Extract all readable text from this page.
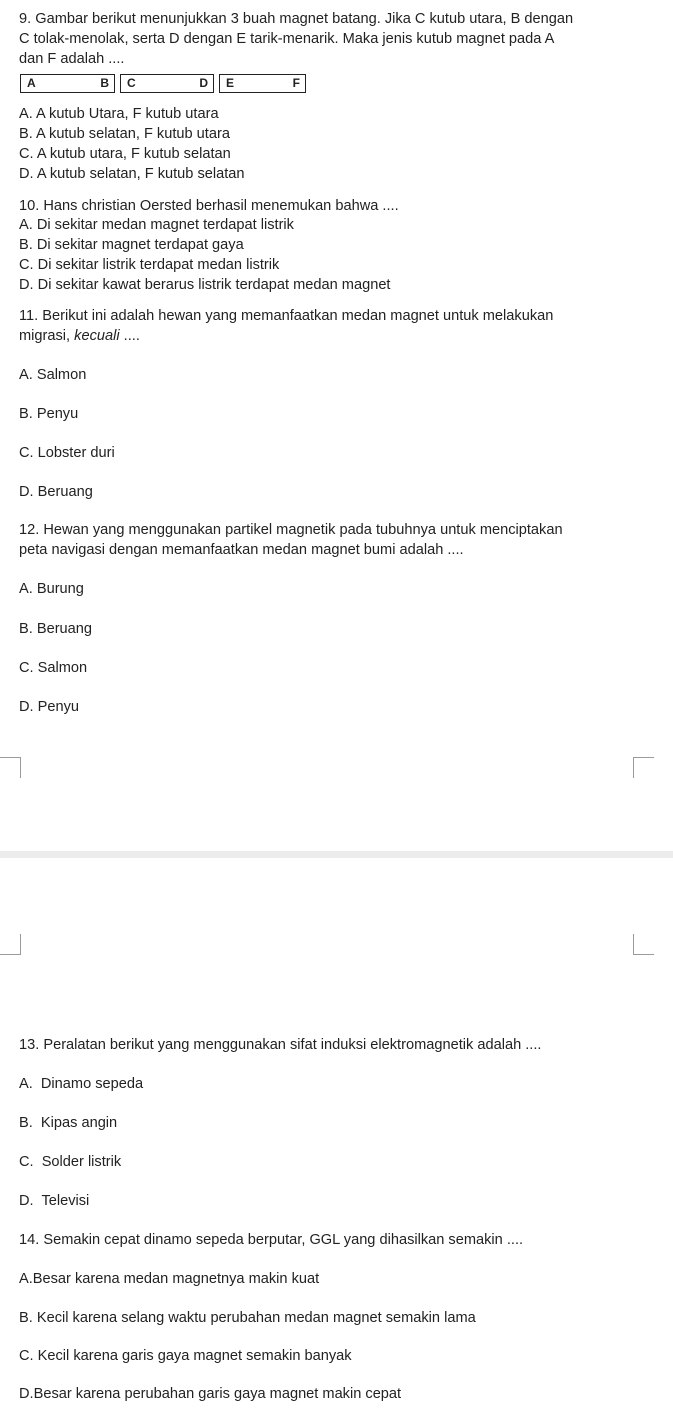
9. Gambar berikut menunjukkan 3 buah magnet batang. Jika C kutub utara, B dengan
C tolak-menolak, serta D dengan E tarik-menarik. Maka jenis kutub magnet pada A
dan F adalah ....
A	B C	D E	F
A. A kutub Utara, F kutub utara
B. A kutub selatan, F kutub utara
C. A kutub utara, F kutub selatan
D. A kutub selatan, F kutub selatan
10. Hans christian Oersted berhasil menemukan bahwa ....
A. Di sekitar medan magnet terdapat listrik
B. Di sekitar magnet terdapat gaya
C. Di sekitar listrik terdapat medan listrik
D. Di sekitar kawat berarus listrik terdapat medan magnet
11. Berikut ini adalah hewan yang memanfaatkan medan magnet untuk melakukan
migrasi, kecuali ....
A. Salmon
B. Penyu
C. Lobster duri
D. Beruang
12. Hewan yang menggunakan partikel magnetik pada tubuhnya untuk menciptakan
peta navigasi dengan memanfaatkan medan magnet bumi adalah ....
A. Burung
B. Beruang
C. Salmon
D. Penyu
13. Peralatan berikut yang menggunakan sifat induksi elektromagnetik adalah ....
A.  Dinamo sepeda
B.  Kipas angin
C.  Solder listrik
D.  Televisi
14. Semakin cepat dinamo sepeda berputar, GGL yang dihasilkan semakin ....
A.Besar karena medan magnetnya makin kuat
B. Kecil karena selang waktu perubahan medan magnet semakin lama
C. Kecil karena garis gaya magnet semakin banyak
D.Besar karena perubahan garis gaya magnet makin cepat
